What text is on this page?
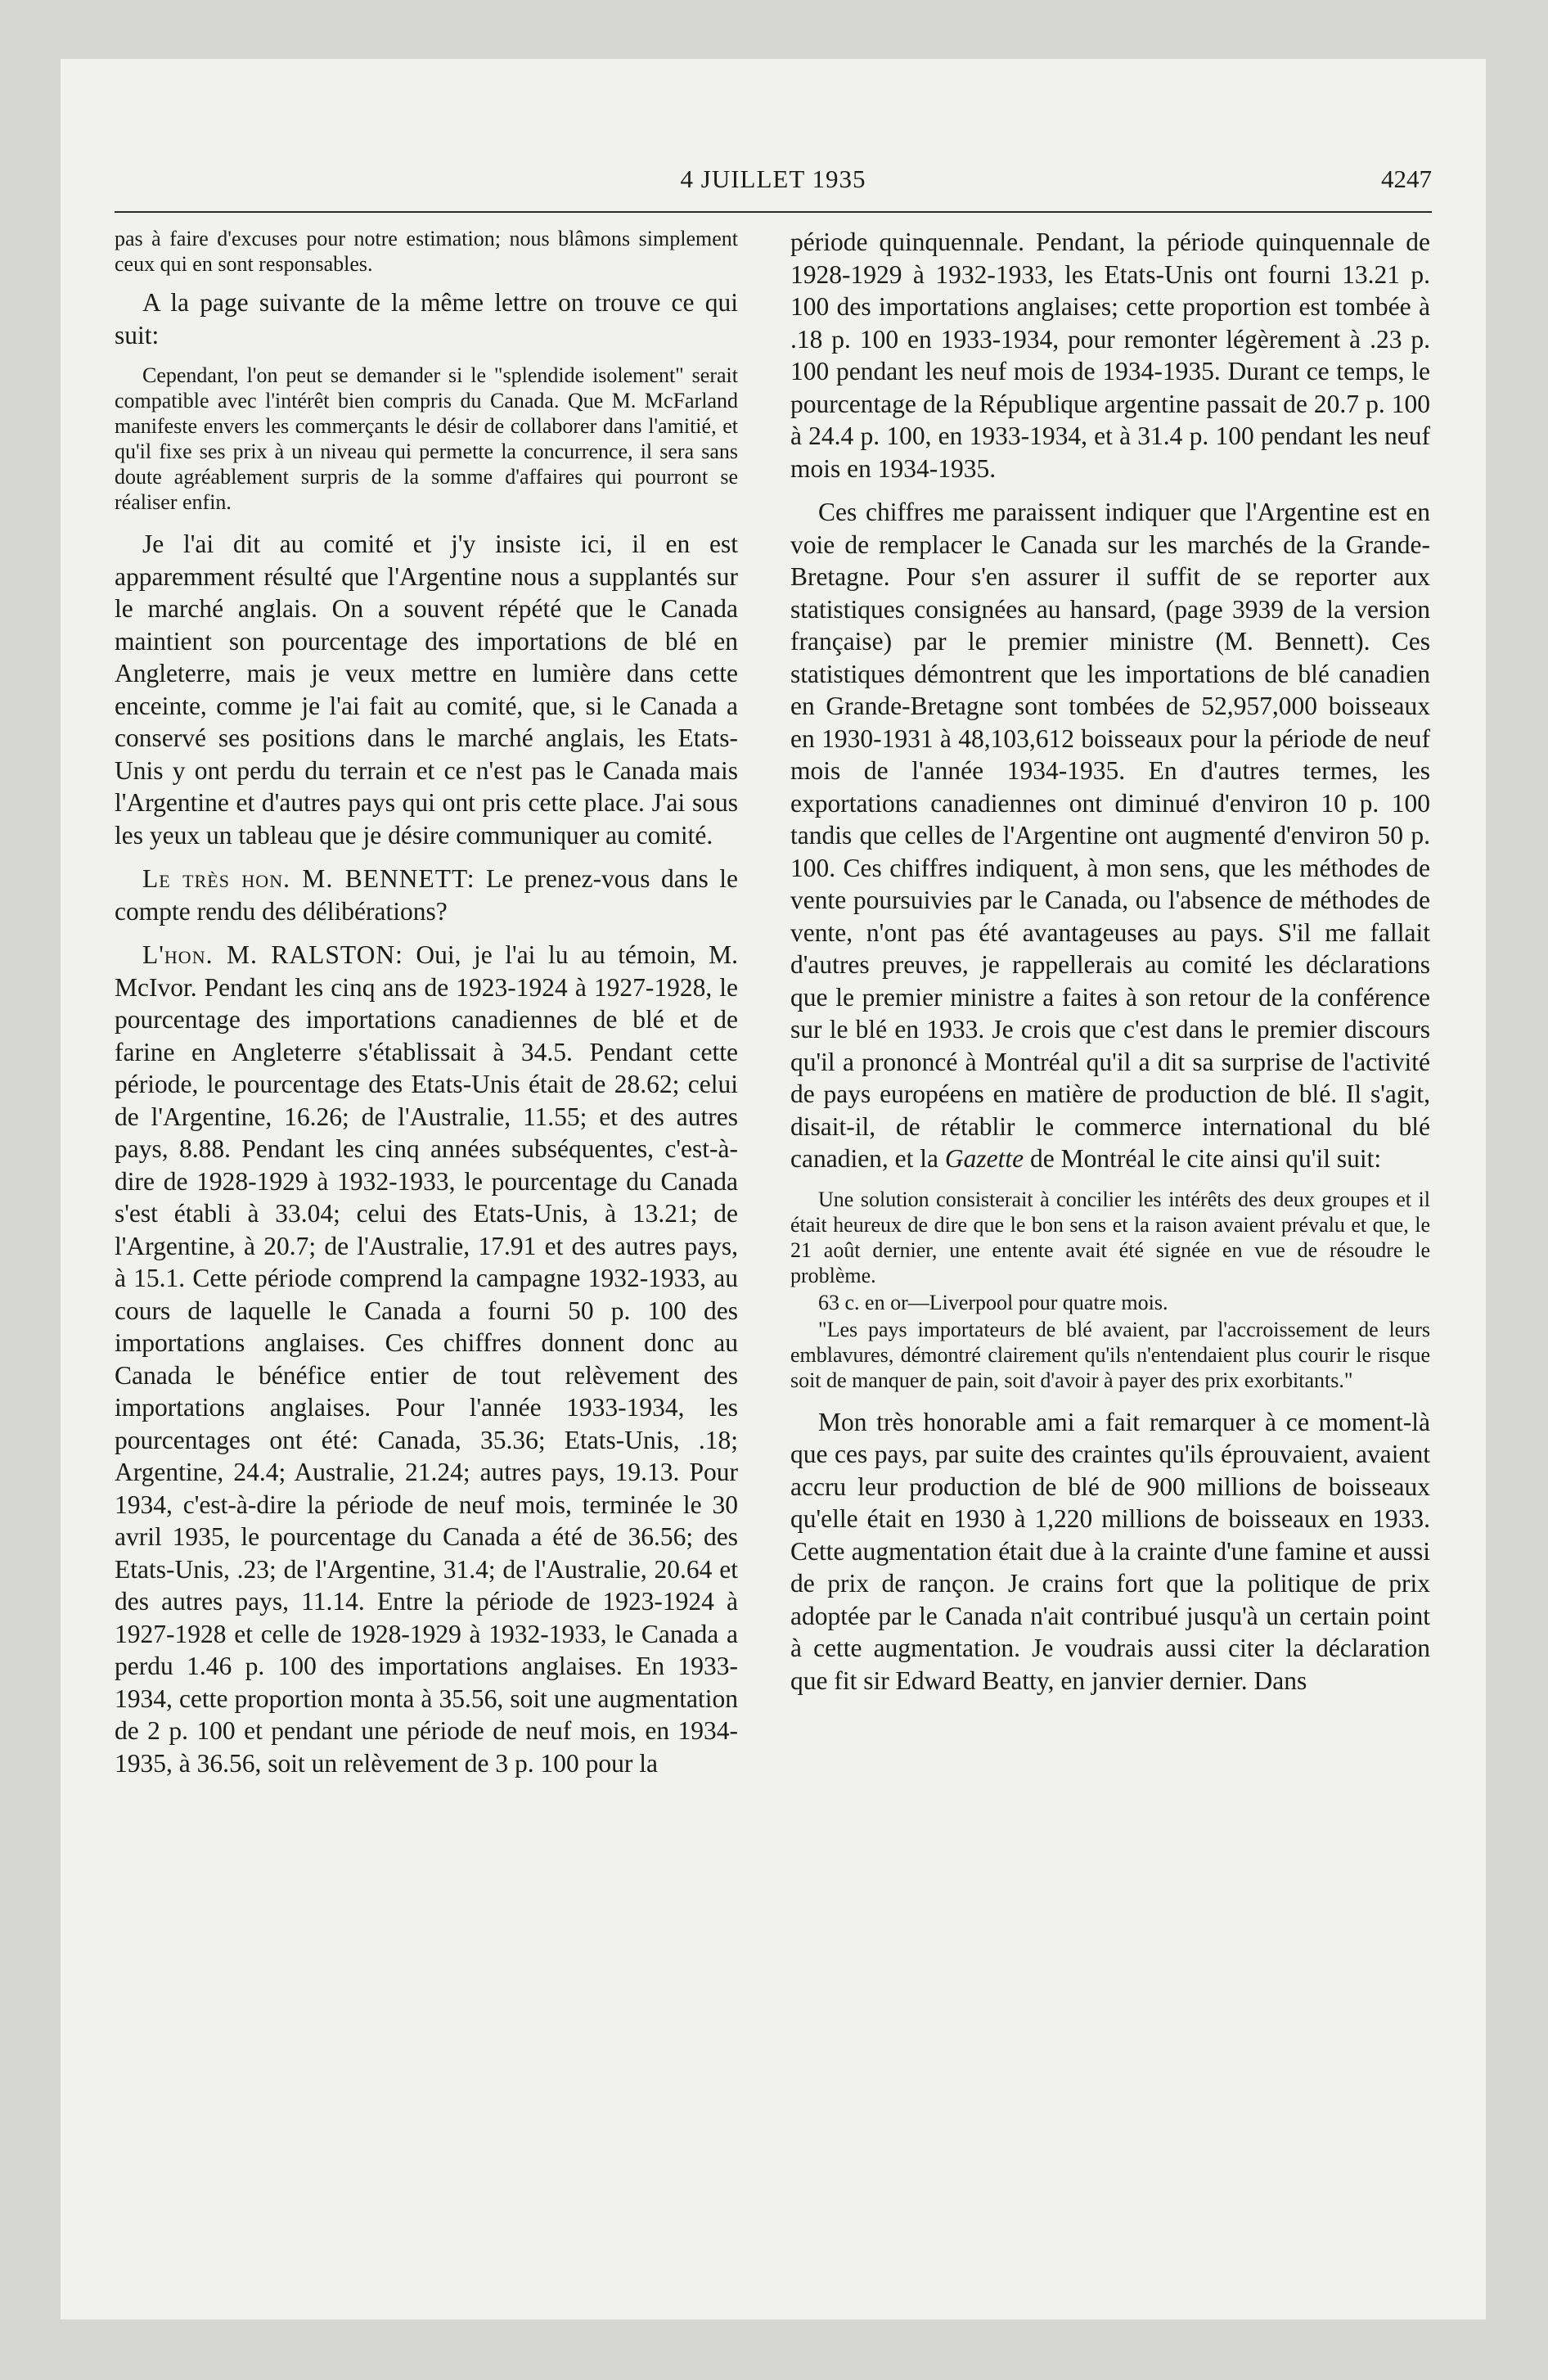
4 JUILLET 1935	4247

pas à faire d'excuses pour notre estimation; nous blâmons simplement ceux qui en sont responsables.

A la page suivante de la même lettre on trouve ce qui suit:

Cependant, l'on peut se demander si le "splendide isolement" serait compatible avec l'intérêt bien compris du Canada. Que M. McFarland manifeste envers les commerçants le désir de collaborer dans l'amitié, et qu'il fixe ses prix à un niveau qui permette la concurrence, il sera sans doute agréablement surpris de la somme d'affaires qui pourront se réaliser enfin.

Je l'ai dit au comité et j'y insiste ici, il en est apparemment résulté que l'Argentine nous a supplantés sur le marché anglais. On a souvent répété que le Canada maintient son pourcentage des importations de blé en Angleterre, mais je veux mettre en lumière dans cette enceinte, comme je l'ai fait au comité, que, si le Canada a conservé ses positions dans le marché anglais, les Etats-Unis y ont perdu du terrain et ce n'est pas le Canada mais l'Argentine et d'autres pays qui ont pris cette place. J'ai sous les yeux un tableau que je désire communiquer au comité.

Le très hon. M. BENNETT: Le prenez-vous dans le compte rendu des délibérations?

L'hon. M. RALSTON: Oui, je l'ai lu au témoin, M. McIvor. Pendant les cinq ans de 1923-1924 à 1927-1928, le pourcentage des importations canadiennes de blé et de farine en Angleterre s'établissait à 34.5. Pendant cette période, le pourcentage des Etats-Unis était de 28.62; celui de l'Argentine, 16.26; de l'Australie, 11.55; et des autres pays, 8.88. Pendant les cinq années subséquentes, c'est-à-dire de 1928-1929 à 1932-1933, le pourcentage du Canada s'est établi à 33.04; celui des Etats-Unis, à 13.21; de l'Argentine, à 20.7; de l'Australie, 17.91 et des autres pays, à 15.1. Cette période comprend la campagne 1932-1933, au cours de laquelle le Canada a fourni 50 p. 100 des importations anglaises. Ces chiffres donnent donc au Canada le bénéfice entier de tout relèvement des importations anglaises. Pour l'année 1933-1934, les pourcentages ont été: Canada, 35.36; Etats-Unis, .18; Argentine, 24.4; Australie, 21.24; autres pays, 19.13. Pour 1934, c'est-à-dire la période de neuf mois, terminée le 30 avril 1935, le pourcentage du Canada a été de 36.56; des Etats-Unis, .23; de l'Argentine, 31.4; de l'Australie, 20.64 et des autres pays, 11.14. Entre la période de 1923-1924 à 1927-1928 et celle de 1928-1929 à 1932-1933, le Canada a perdu 1.46 p. 100 des importations anglaises. En 1933-1934, cette proportion monta à 35.56, soit une augmentation de 2 p. 100 et pendant une période de neuf mois, en 1934-1935, à 36.56, soit un relèvement de 3 p. 100 pour la

période quinquennale. Pendant, la période quinquennale de 1928-1929 à 1932-1933, les Etats-Unis ont fourni 13.21 p. 100 des importations anglaises; cette proportion est tombée à .18 p. 100 en 1933-1934, pour remonter légèrement à .23 p. 100 pendant les neuf mois de 1934-1935. Durant ce temps, le pourcentage de la République argentine passait de 20.7 p. 100 à 24.4 p. 100, en 1933-1934, et à 31.4 p. 100 pendant les neuf mois en 1934-1935.

Ces chiffres me paraissent indiquer que l'Argentine est en voie de remplacer le Canada sur les marchés de la Grande-Bretagne. Pour s'en assurer il suffit de se reporter aux statistiques consignées au hansard, (page 3939 de la version française) par le premier ministre (M. Bennett). Ces statistiques démontrent que les importations de blé canadien en Grande-Bretagne sont tombées de 52,957,000 boisseaux en 1930-1931 à 48,103,612 boisseaux pour la période de neuf mois de l'année 1934-1935. En d'autres termes, les exportations canadiennes ont diminué d'environ 10 p. 100 tandis que celles de l'Argentine ont augmenté d'environ 50 p. 100. Ces chiffres indiquent, à mon sens, que les méthodes de vente poursuivies par le Canada, ou l'absence de méthodes de vente, n'ont pas été avantageuses au pays. S'il me fallait d'autres preuves, je rappellerais au comité les déclarations que le premier ministre a faites à son retour de la conférence sur le blé en 1933. Je crois que c'est dans le premier discours qu'il a prononcé à Montréal qu'il a dit sa surprise de l'activité de pays européens en matière de production de blé. Il s'agit, disait-il, de rétablir le commerce international du blé canadien, et la Gazette de Montréal le cite ainsi qu'il suit:

Une solution consisterait à concilier les intérêts des deux groupes et il était heureux de dire que le bon sens et la raison avaient prévalu et que, le 21 août dernier, une entente avait été signée en vue de résoudre le problème.

63 c. en or—Liverpool pour quatre mois.

"Les pays importateurs de blé avaient, par l'accroissement de leurs emblavures, démontré clairement qu'ils n'entendaient plus courir le risque soit de manquer de pain, soit d'avoir à payer des prix exorbitants."

Mon très honorable ami a fait remarquer à ce moment-là que ces pays, par suite des craintes qu'ils éprouvaient, avaient accru leur production de blé de 900 millions de boisseaux qu'elle était en 1930 à 1,220 millions de boisseaux en 1933. Cette augmentation était due à la crainte d'une famine et aussi de prix de rançon. Je crains fort que la politique de prix adoptée par le Canada n'ait contribué jusqu'à un certain point à cette augmentation. Je voudrais aussi citer la déclaration que fit sir Edward Beatty, en janvier dernier. Dans
